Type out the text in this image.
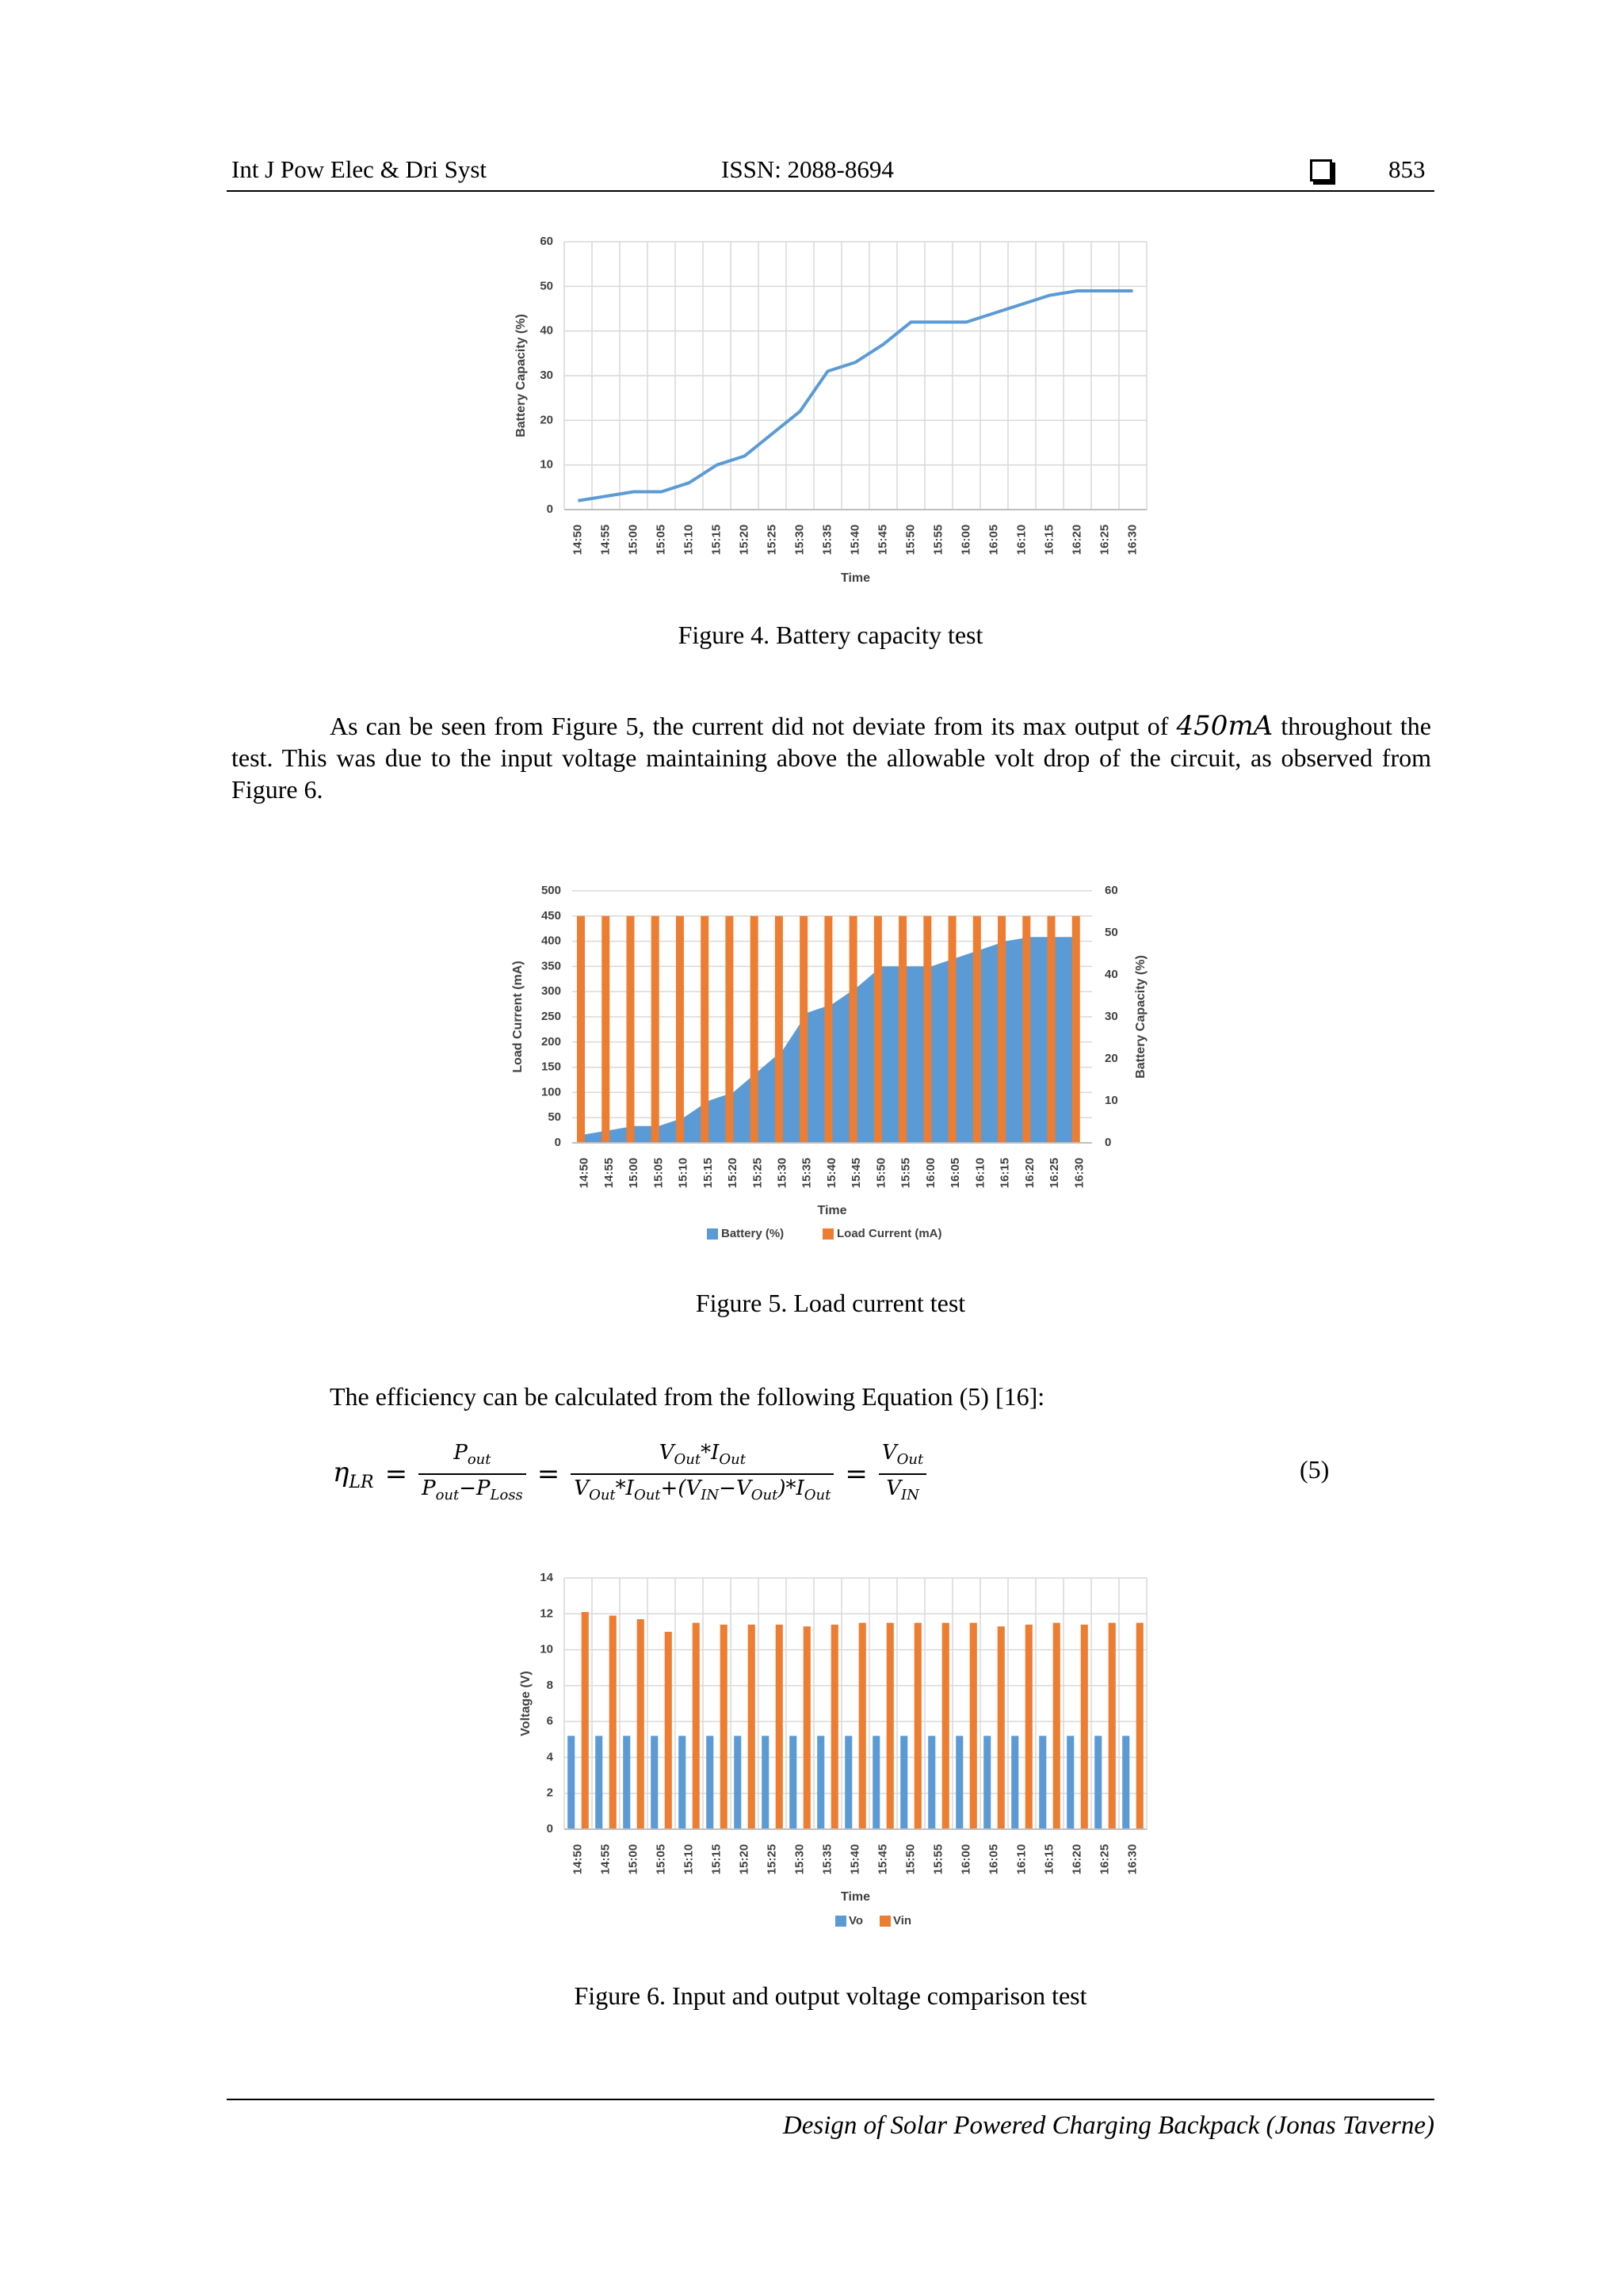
Int J Pow Elec & Dri Syst	ISSN: 2088-8694	853
0
10
20
30
40
50
60
14:50 14:55 15:00 15:05 15:10 15:15 15:20 15:25 15:30 15:35 15:40 15:45 15:50 15:55 16:00 16:05 16:10 16:15 16:20 16:25 16:30
Time
Battery Capacity (%)
Figure 4. Battery capacity test
As can be seen from Figure 5, the current did not deviate from its max output of 450mA throughout the test. This was due to the input voltage maintaining above the allowable volt drop of the circuit, as observed from Figure 6.
0
50
100
150
200
250
300
350
400
450
500
0
10
20
30
40
50
60
14:50 14:55 15:00 15:05 15:10 15:15 15:20 15:25 15:30 15:35 15:40 15:45 15:50 15:55 16:00 16:05 16:10 16:15 16:20 16:25 16:30
Time
Load Current (mA)	Battery Capacity (%)
Battery (%)	Load Current (mA)
Figure 5. Load current test
The efficiency can be calculated from the following Equation (5) [16]:
$\eta_{LR} = \frac{P_{out}}{P_{out}-P_{Loss}} = \frac{V_{Out}*I_{Out}}{V_{Out}*I_{Out}+(V_{IN}-V_{Out})*I_{Out}} = \frac{V_{Out}}{V_{IN}}$	(5)
0
2
4
6
8
10
12
14
14:50 14:55 15:00 15:05 15:10 15:15 15:20 15:25 15:30 15:35 15:40 15:45 15:50 15:55 16:00 16:05 16:10 16:15 16:20 16:25 16:30
Time
Voltage (V)
Vo	Vin
Figure 6. Input and output voltage comparison test
Design of Solar Powered Charging Backpack (Jonas Taverne)
